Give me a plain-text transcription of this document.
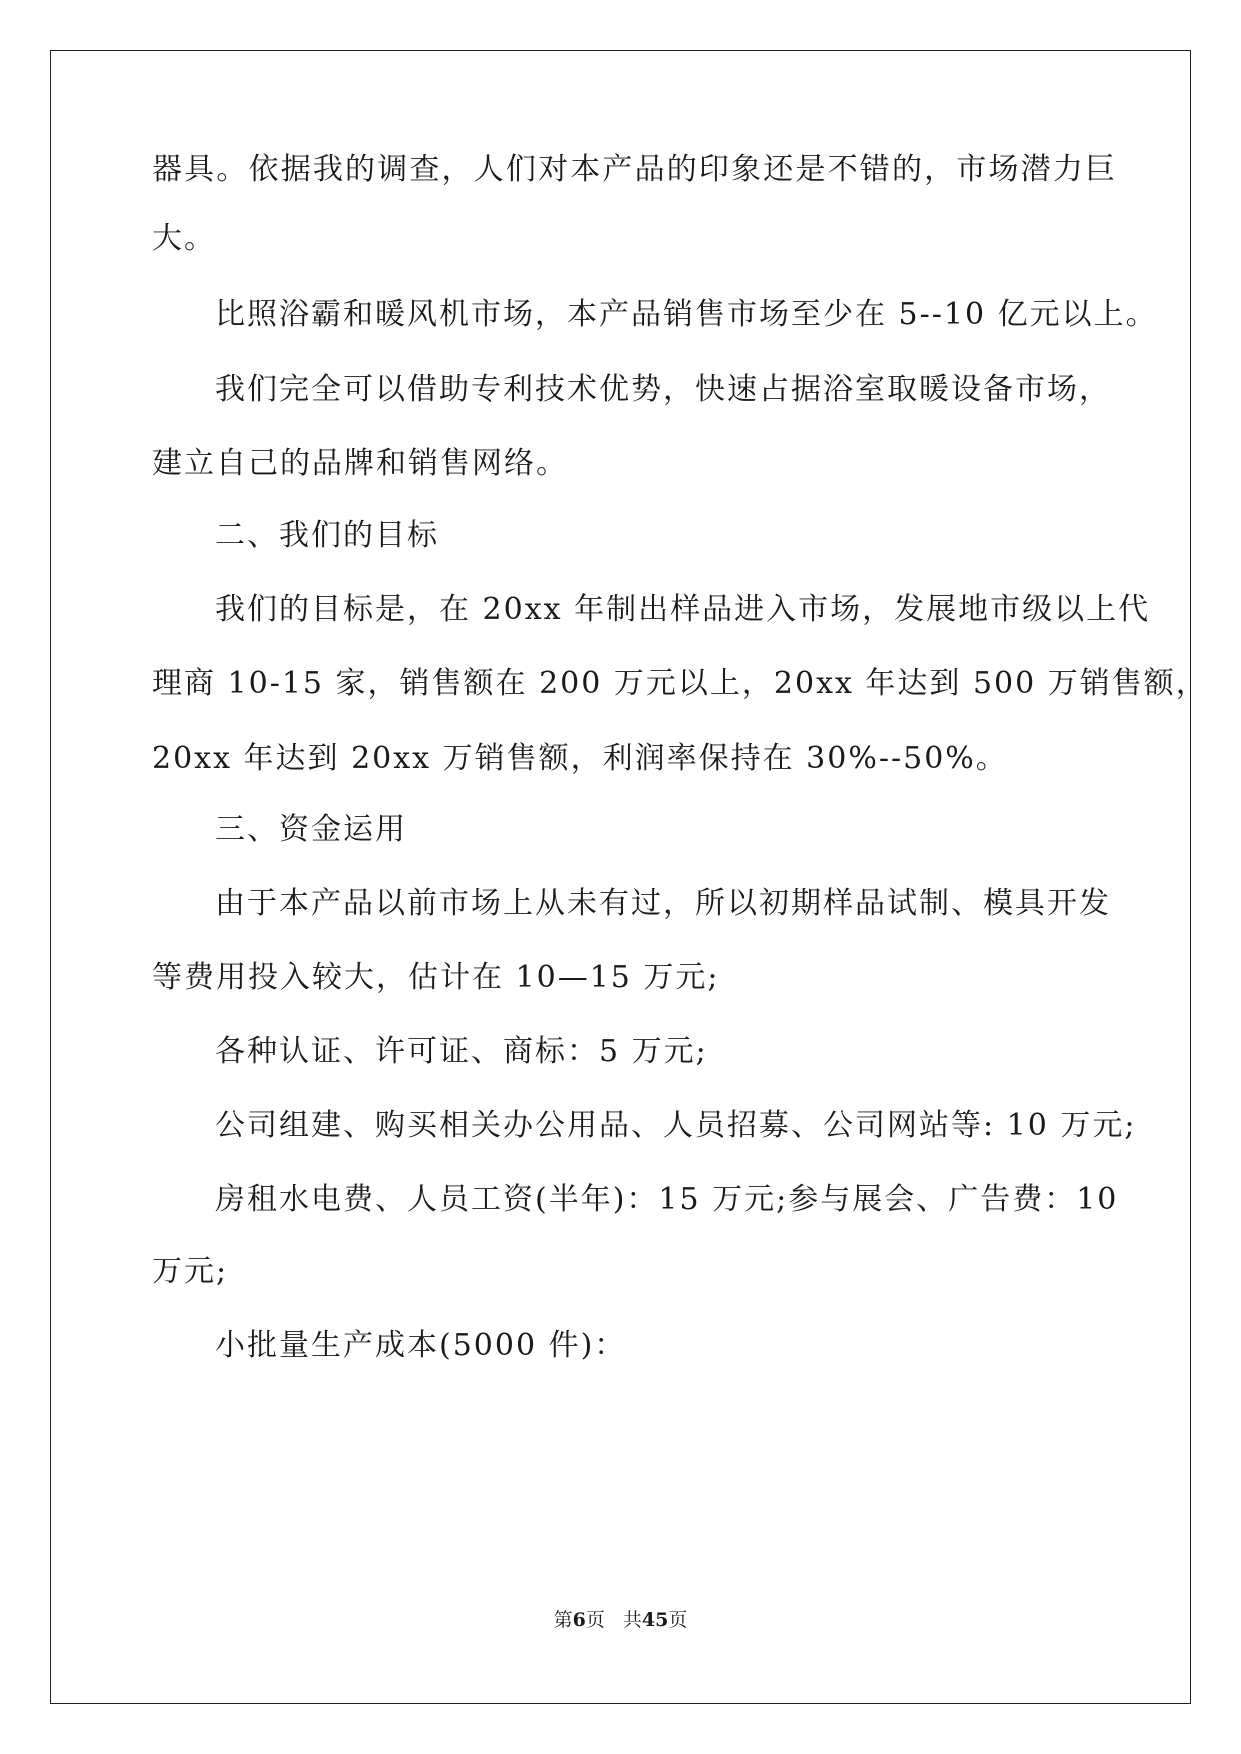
器具。依据我的调查，人们对本产品的印象还是不错的，市场潜力巨

大。

比照浴霸和暖风机市场，本产品销售市场至少在 5--10 亿元以上。

我们完全可以借助专利技术优势，快速占据浴室取暖设备市场，

建立自己的品牌和销售网络。

二、我们的目标

我们的目标是，在 20xx 年制出样品进入市场，发展地市级以上代

理商 10-15 家，销售额在 200 万元以上，20xx 年达到 500 万销售额，

20xx 年达到 20xx 万销售额，利润率保持在 30%--50%。

三、资金运用

由于本产品以前市场上从未有过，所以初期样品试制、模具开发

等费用投入较大，估计在 10—15 万元;

各种认证、许可证、商标：5 万元;

公司组建、购买相关办公用品、人员招募、公司网站等: 10 万元;

房租水电费、人员工资(半年)：15 万元;参与展会、广告费：10

万元;

小批量生产成本(5000 件)：

第6页 共45页
